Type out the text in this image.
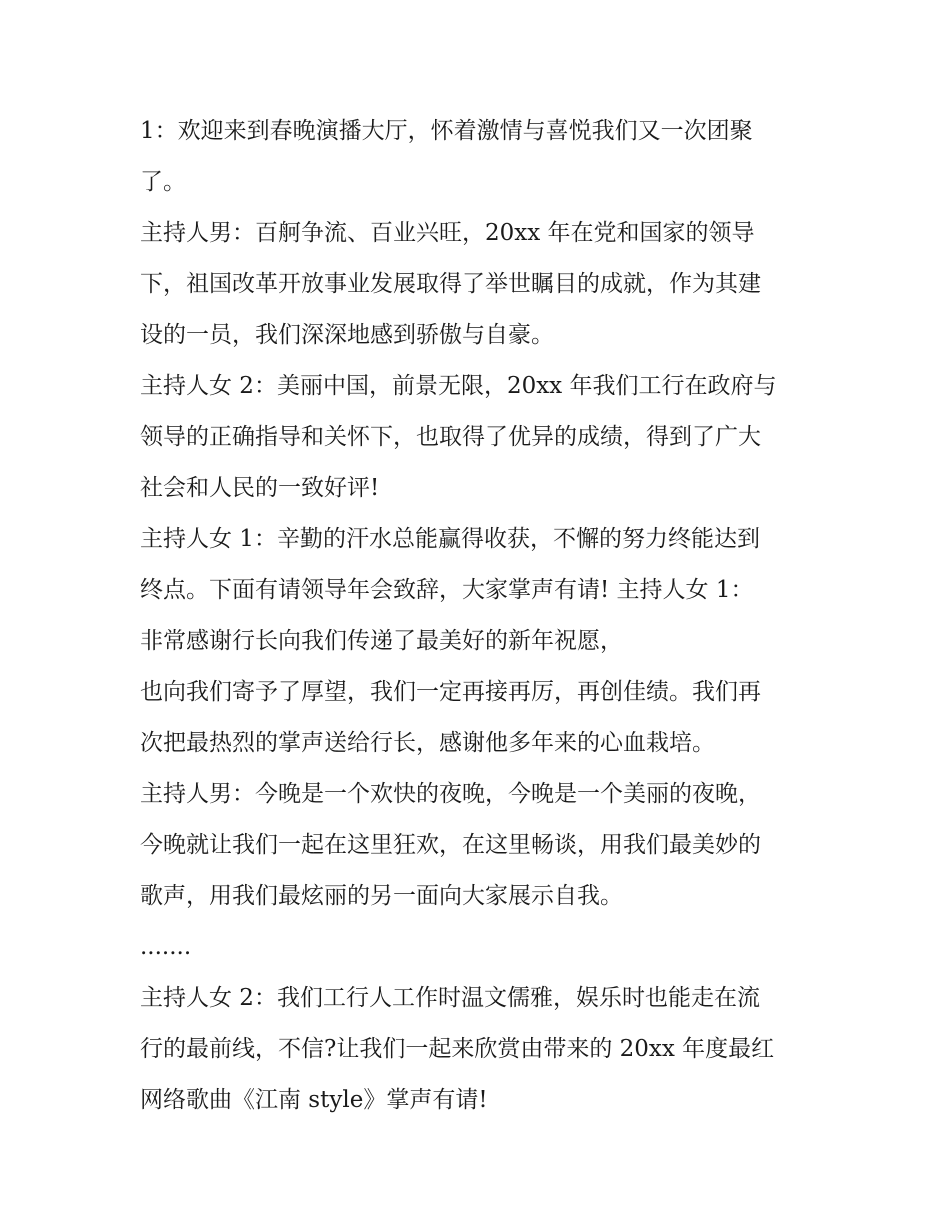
1：欢迎来到春晚演播大厅，怀着激情与喜悦我们又一次团聚
了。
主持人男：百舸争流、百业兴旺，20xx 年在党和国家的领导
下，祖国改革开放事业发展取得了举世瞩目的成就，作为其建
设的一员，我们深深地感到骄傲与自豪。
主持人女 2：美丽中国，前景无限，20xx 年我们工行在政府与
领导的正确指导和关怀下，也取得了优异的成绩，得到了广大
社会和人民的一致好评!
主持人女 1：辛勤的汗水总能赢得收获，不懈的努力终能达到
终点。下面有请领导年会致辞，大家掌声有请! 主持人女 1：
非常感谢行长向我们传递了最美好的新年祝愿，
也向我们寄予了厚望，我们一定再接再厉，再创佳绩。我们再
次把最热烈的掌声送给行长，感谢他多年来的心血栽培。
主持人男：今晚是一个欢快的夜晚，今晚是一个美丽的夜晚，
今晚就让我们一起在这里狂欢，在这里畅谈，用我们最美妙的
歌声，用我们最炫丽的另一面向大家展示自我。
.......
主持人女 2：我们工行人工作时温文儒雅，娱乐时也能走在流
行的最前线，不信?让我们一起来欣赏由带来的 20xx 年度最红
网络歌曲《江南 style》掌声有请!
